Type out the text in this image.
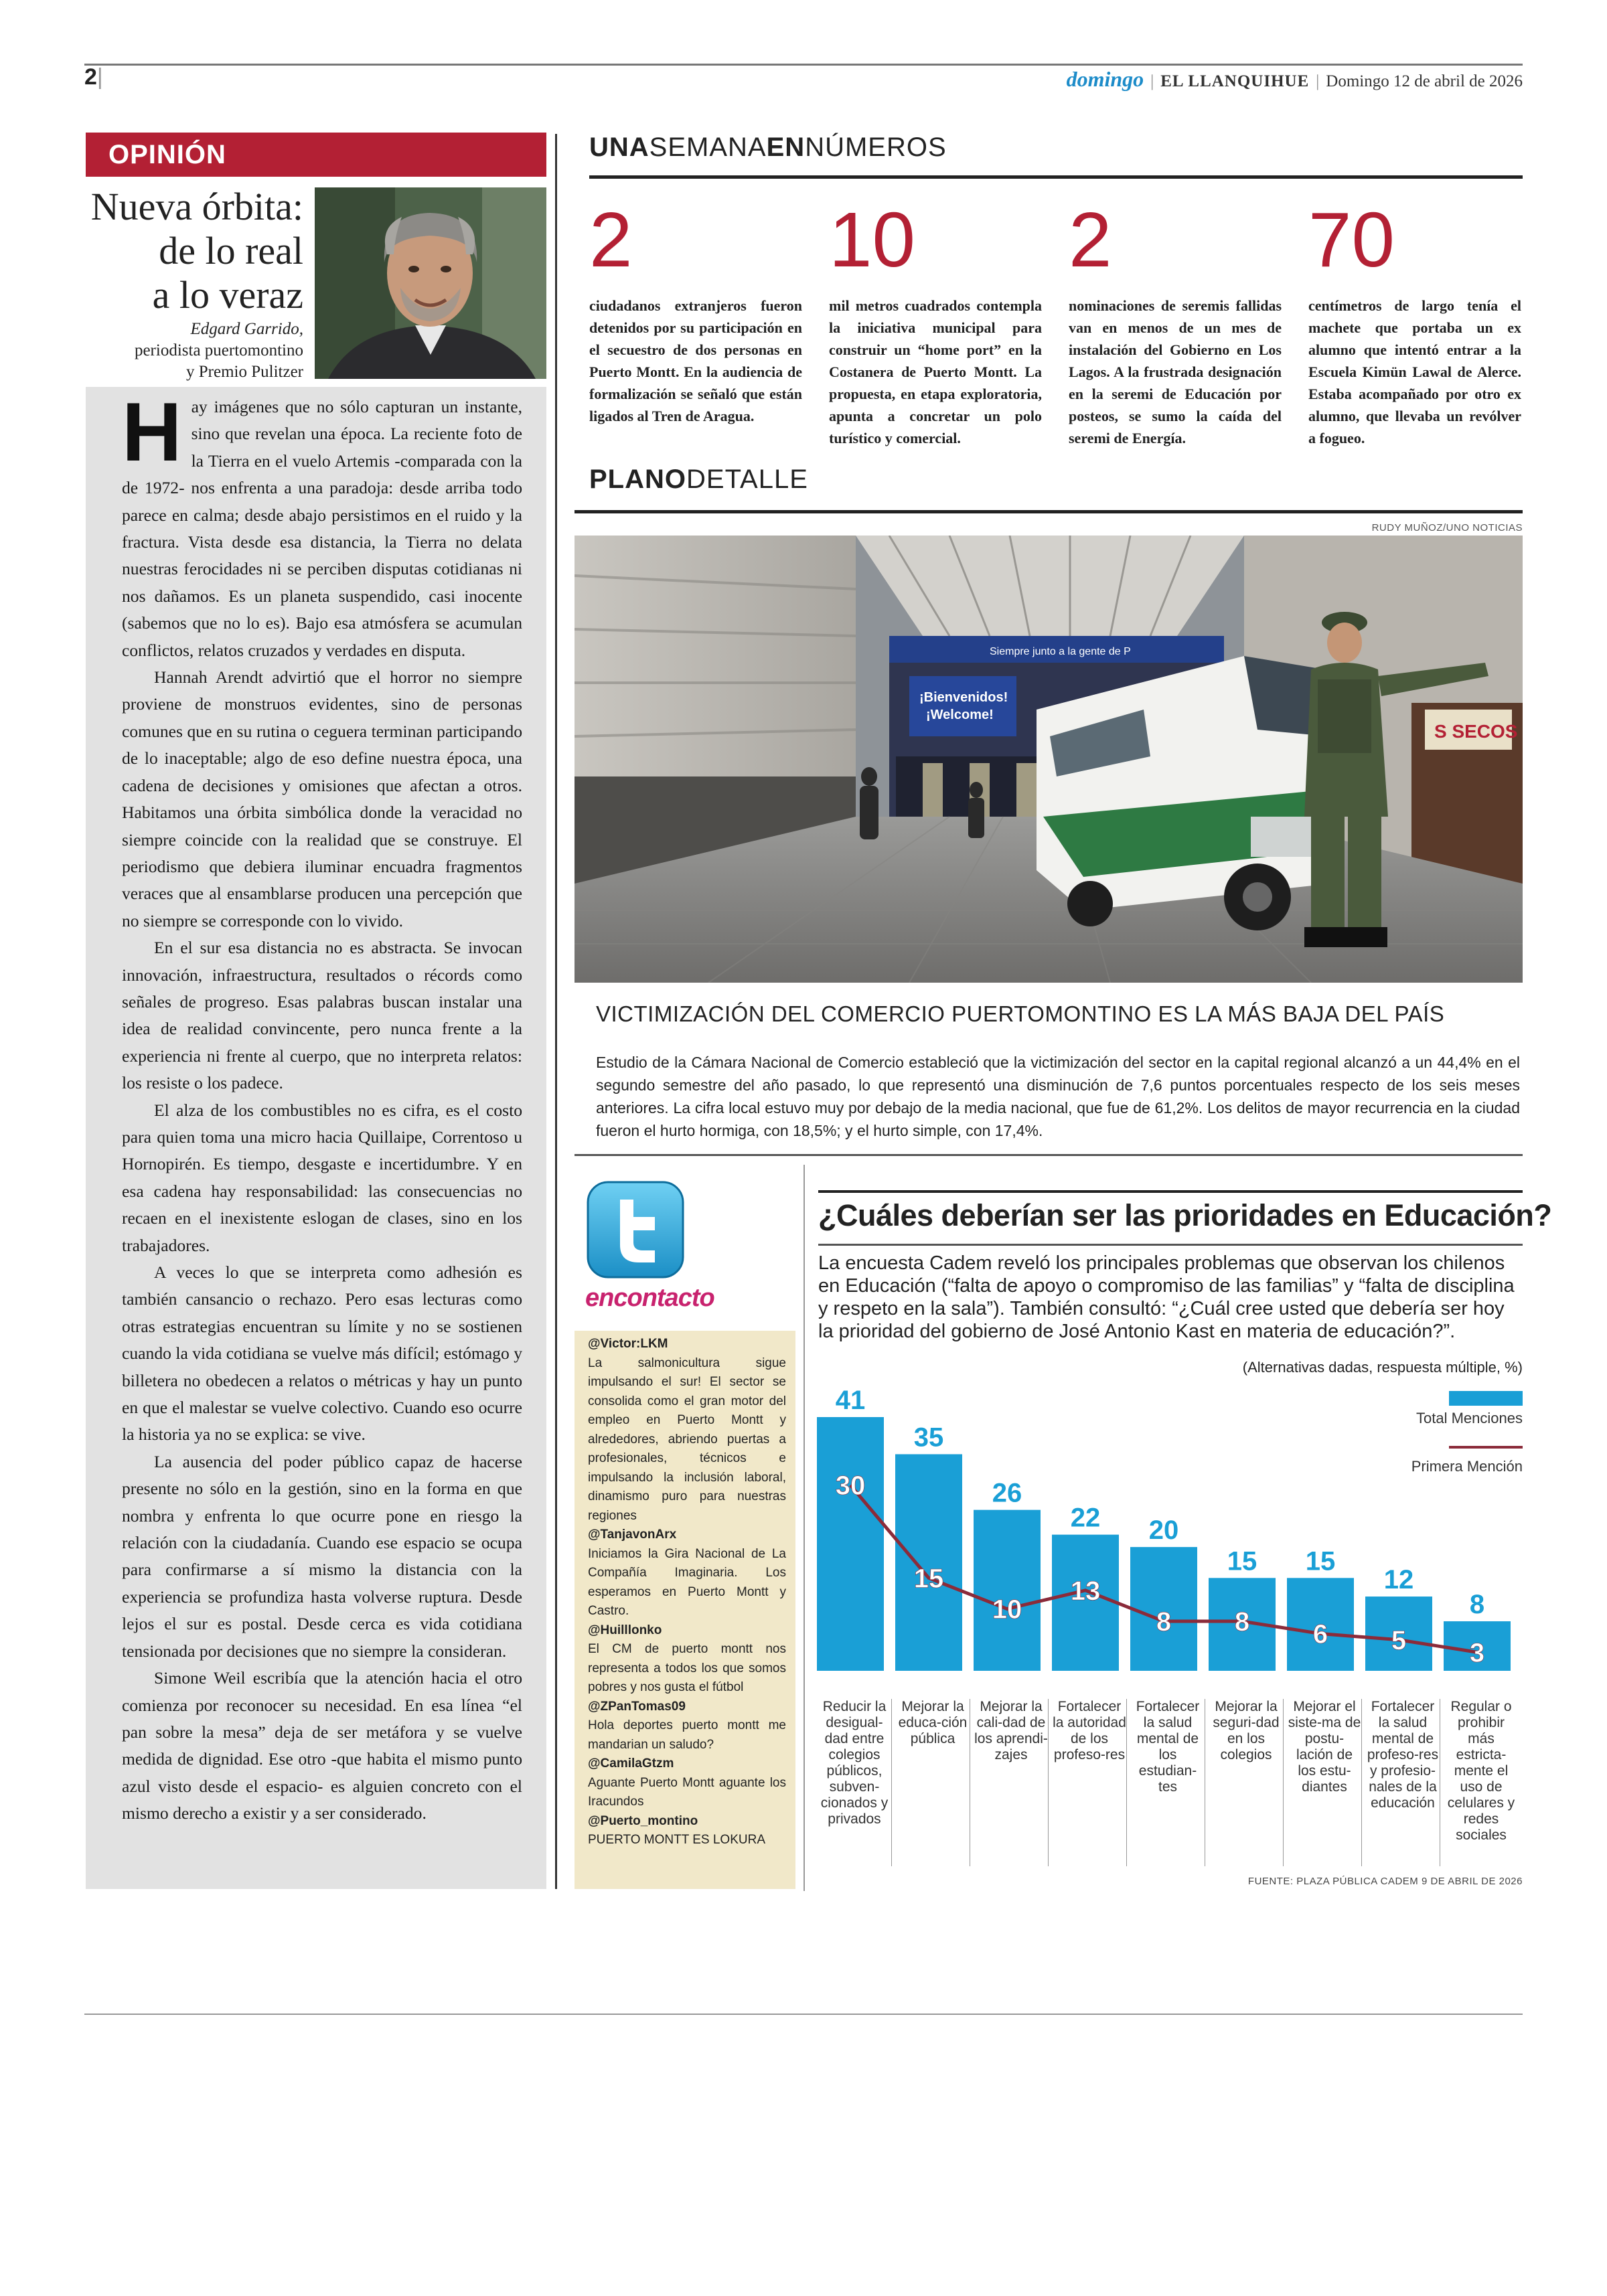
2|	domingo | EL LLANQUIHUE | Domingo 12 de abril de 2026
OPINIÓN
Nueva órbita:
de lo real
a lo veraz
Edgard Garrido,
periodista puertomontino
y Premio Pulitzer

Hay imágenes que no sólo capturan un instante, sino que revelan una época. La reciente foto de la Tierra en el vuelo Artemis -comparada con la de 1972- nos enfrenta a una paradoja: desde arriba todo parece en calma; desde abajo persistimos en el ruido y la fractura. Vista desde esa distancia, la Tierra no delata nuestras ferocidades ni se perciben disputas cotidianas ni nos dañamos. Es un planeta suspendido, casi inocente (sabemos que no lo es). Bajo esa atmósfera se acumulan conflictos, relatos cruzados y verdades en disputa.

Hannah Arendt advirtió que el horror no siempre proviene de monstruos evidentes, sino de personas comunes que en su rutina o ceguera terminan participando de lo inaceptable; algo de eso define nuestra época, una cadena de decisiones y omisiones que afectan a otros. Habitamos una órbita simbólica donde la veracidad no siempre coincide con la realidad que se construye. El periodismo que debiera iluminar encuadra fragmentos veraces que al ensamblarse producen una percepción que no siempre se corresponde con lo vivido.

En el sur esa distancia no es abstracta. Se invocan innovación, infraestructura, resultados o récords como señales de progreso. Esas palabras buscan instalar una idea de realidad convincente, pero nunca frente a la experiencia ni frente al cuerpo, que no interpreta relatos: los resiste o los padece.

El alza de los combustibles no es cifra, es el costo para quien toma una micro hacia Quillaipe, Correntoso u Hornopirén. Es tiempo, desgaste e incertidumbre. Y en esa cadena hay responsabilidad: las consecuencias no recaen en el inexistente eslogan de clases, sino en los trabajadores.

A veces lo que se interpreta como adhesión es también cansancio o rechazo. Pero esas lecturas como otras estrategias encuentran su límite y no se sostienen cuando la vida cotidiana se vuelve más difícil; estómago y billetera no obedecen a relatos o métricas y hay un punto en que el malestar se vuelve colectivo. Cuando eso ocurre la historia ya no se explica: se vive.

La ausencia del poder público capaz de hacerse presente no sólo en la gestión, sino en la forma en que nombra y enfrenta lo que ocurre pone en riesgo la relación con la ciudadanía. Cuando ese espacio se ocupa para confirmarse a sí mismo la distancia con la experiencia se profundiza hasta volverse ruptura. Desde lejos el sur es postal. Desde cerca es vida cotidiana tensionada por decisiones que no siempre la consideran.

Simone Weil escribía que la atención hacia el otro comienza por reconocer su necesidad. En esa línea “el pan sobre la mesa” deja de ser metáfora y se vuelve medida de dignidad. Ese otro -que habita el mismo punto azul visto desde el espacio- es alguien concreto con el mismo derecho a existir y a ser considerado.

UNASEMANAENNÚMEROS
2
ciudadanos extranjeros fueron detenidos por su participación en el secuestro de dos personas en Puerto Montt. En la audiencia de formalización se señaló que están ligados al Tren de Aragua.
10
mil metros cuadrados contempla la iniciativa municipal para construir un “home port” en la Costanera de Puerto Montt. La propuesta, en etapa exploratoria, apunta a concretar un polo turístico y comercial.
2
nominaciones de seremis fallidas van en menos de un mes de instalación del Gobierno en Los Lagos. A la frustrada designación en la seremi de Educación por posteos, se sumo la caída del seremi de Energía.
70
centímetros de largo tenía el machete que portaba un ex alumno que intentó entrar a la Escuela Kimün Lawal de Alerce. Estaba acompañado por otro ex alumno, que llevaba un revólver a fogueo.
PLANODETALLE
RUDY MUÑOZ/UNO NOTICIAS
S SECOS
Siempre junto a la gente de P
¡Bienvenidos!
¡Welcome!
VICTIMIZACIÓN DEL COMERCIO PUERTOMONTINO ES LA MÁS BAJA DEL PAÍS
Estudio de la Cámara Nacional de Comercio estableció que la victimización del sector en la capital regional alcanzó a un 44,4% en el segundo semestre del año pasado, lo que representó una disminución de 7,6 puntos porcentuales respecto de los seis meses anteriores. La cifra local estuvo muy por debajo de la media nacional, que fue de 61,2%. Los delitos de mayor recurrencia en la ciudad fueron el hurto hormiga, con 18,5%; y el hurto simple, con 17,4%.
encontacto
@Victor:LKM
La salmonicultura sigue impulsando el sur! El sector se consolida como el gran motor del empleo en Puerto Montt y alrededores, abriendo puertas a profesionales, técnicos e impulsando la inclusión laboral, dinamismo puro para nuestras regiones
@TanjavonArx
Iniciamos la Gira Nacional de La Compañía Imaginaria. Los esperamos en Puerto Montt y Castro.
@Huilllonko
El CM de puerto montt nos representa a todos los que somos pobres y nos gusta el fútbol
@ZPanTomas09
Hola deportes puerto montt me mandarian un saludo?
@CamilaGtzm
Aguante Puerto Montt aguante los Iracundos
@Puerto_montino
PUERTO MONTT ES LOKURA
¿Cuáles deberían ser las prioridades en Educación?
La encuesta Cadem reveló los principales problemas que observan los chilenos en Educación (“falta de apoyo o compromiso de las familias” y “falta de disciplina y respeto en la sala”). También consultó: “¿Cuál cree usted que debería ser hoy la prioridad del gobierno de José Antonio Kast en materia de educación?”.
(Alternativas dadas, respuesta múltiple, %)
Total Menciones
Primera Mención
41
35
26
22 20
15 15
12
8
30
15
10
13
8 8 6 5 3
Reducir la desigual-dad entre colegios públicos, subven-cionados y privados
Mejorar la educa-ción pública
Mejorar la cali-dad de los aprendi-zajes
Fortalecer la autoridad de los profeso-res
Fortalecer la salud mental de los estudian-tes
Mejorar la seguri-dad en los colegios
Mejorar el siste-ma de postu-lación de los estu-diantes
Fortalecer la salud mental de profeso-res y profesio-nales de la educación
Regular o prohibir más estricta-mente el uso de celulares y redes sociales
FUENTE: PLAZA PÚBLICA CADEM 9 DE ABRIL DE 2026
